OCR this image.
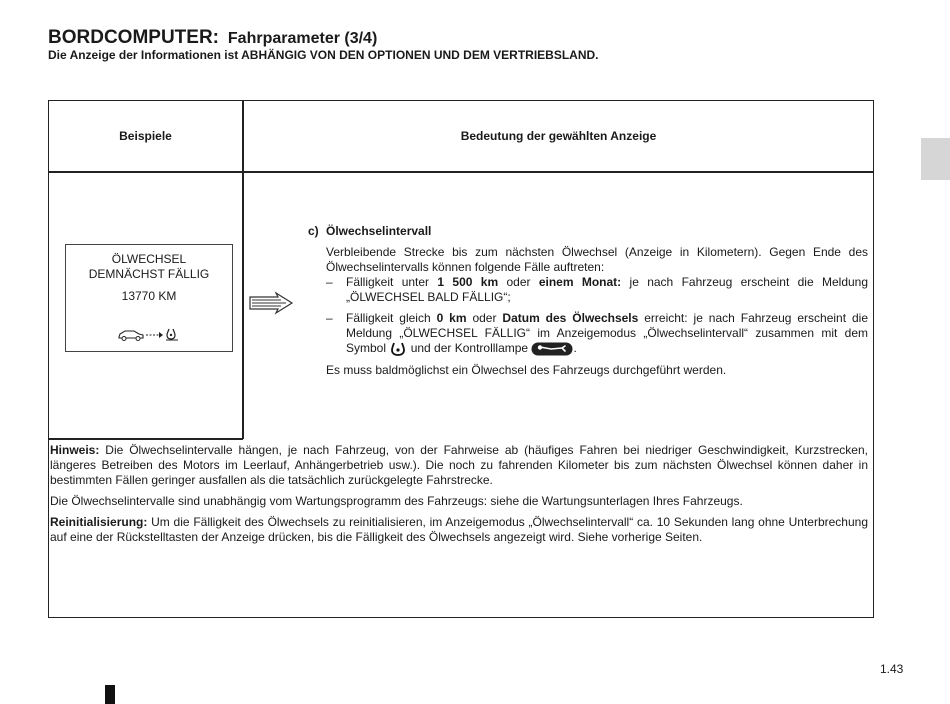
BORDCOMPUTER: Fahrparameter (3/4)
Die Anzeige der Informationen ist ABHÄNGIG VON DEN OPTIONEN UND DEM VERTRIEBSLAND.
Beispiele	Bedeutung der gewählten Anzeige
ÖLWECHSEL
DEMNÄCHST FÄLLIG
13770 KM
c) Ölwechselintervall
Verbleibende Strecke bis zum nächsten Ölwechsel (Anzeige in Kilometern). Gegen Ende des Ölwechselintervalls können folgende Fälle auftreten:
– Fälligkeit unter 1 500 km oder einem Monat: je nach Fahrzeug erscheint die Meldung „ÖLWECHSEL BALD FÄLLIG“;
– Fälligkeit gleich 0 km oder Datum des Ölwechsels erreicht: je nach Fahrzeug erscheint die Meldung „ÖLWECHSEL FÄLLIG“ im Anzeigemodus „Ölwechselintervall“ zusammen mit dem Symbol  und der Kontrolllampe	.
Es muss baldmöglichst ein Ölwechsel des Fahrzeugs durchgeführt werden.

Hinweis: Die Ölwechselintervalle hängen, je nach Fahrzeug, von der Fahrweise ab (häufiges Fahren bei niedriger Geschwindigkeit, Kurzstrecken, längeres Betreiben des Motors im Leerlauf, Anhängerbetrieb usw.). Die noch zu fahrenden Kilometer bis zum nächsten Ölwechsel können daher in bestimmten Fällen geringer ausfallen als die tatsächlich zurückgelegte Fahrstrecke.

Die Ölwechselintervalle sind unabhängig vom Wartungsprogramm des Fahrzeugs: siehe die Wartungsunterlagen Ihres Fahrzeugs.

Reinitialisierung: Um die Fälligkeit des Ölwechsels zu reinitialisieren, im Anzeigemodus „Ölwechselintervall“ ca. 10 Sekunden lang ohne Unterbrechung auf eine der Rückstelltasten der Anzeige drücken, bis die Fälligkeit des Ölwechsels angezeigt wird. Siehe vorherige Seiten.

1.43
